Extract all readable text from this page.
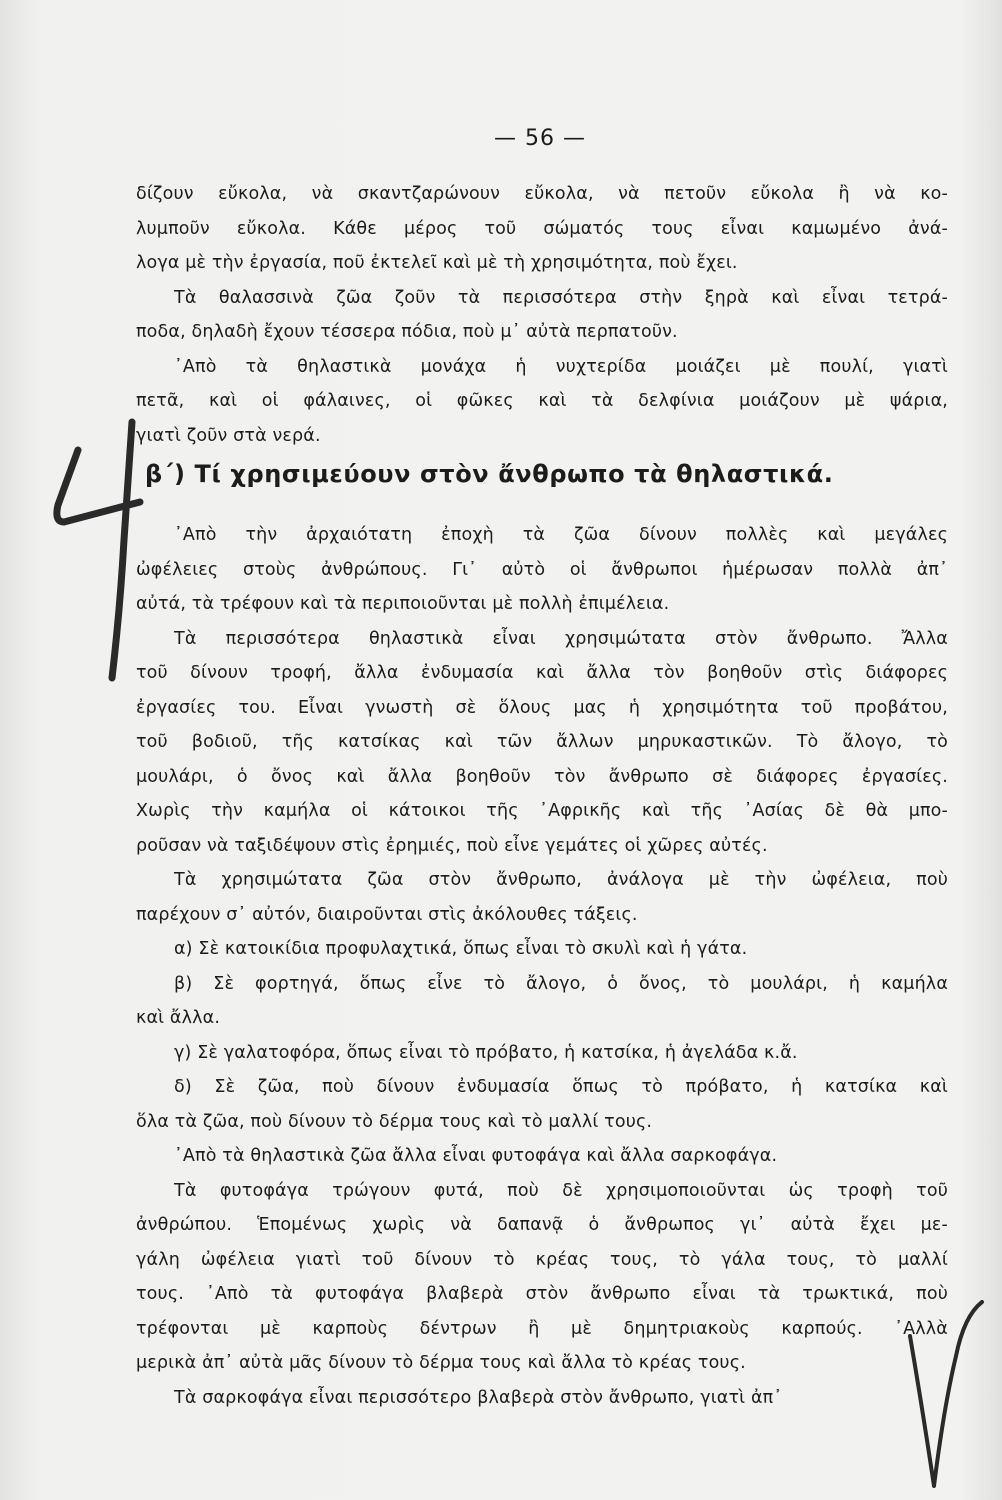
— 56 —
δίζουν εὔκολα, νὰ σκαντζαρώνουν εὔκολα, νὰ πετοῦν εὔκολα ἢ νὰ κο-
λυμποῦν εὔκολα. Κάθε μέρος τοῦ σώματός τους εἶναι καμωμένο ἀνά-
λογα μὲ τὴν ἐργασία, ποῦ ἐκτελεῖ καὶ μὲ τὴ χρησιμότητα, ποὺ ἔχει.
Τὰ θαλασσινὰ ζῶα ζοῦν τὰ περισσότερα στὴν ξηρὰ καὶ εἶναι τετρά-
ποδα, δηλαδὴ ἔχουν τέσσερα πόδια, ποὺ μ᾿ αὐτὰ περπατοῦν.
᾿Απὸ τὰ θηλαστικὰ μονάχα ἡ νυχτερίδα μοιάζει μὲ πουλί, γιατὶ
πετᾶ, καὶ οἱ φάλαινες, οἱ φῶκες καὶ τὰ δελφίνια μοιάζουν μὲ ψάρια,
γιατὶ ζοῦν στὰ νερά.
β΄) Τί χρησιμεύουν στὸν ἄνθρωπο τὰ θηλαστικά.
᾿Απὸ τὴν ἀρχαιότατη ἐποχὴ τὰ ζῶα δίνουν πολλὲς καὶ μεγάλες
ὠφέλειες στοὺς ἀνθρώπους. Γι᾿ αὐτὸ οἱ ἄνθρωποι ἡμέρωσαν πολλὰ ἀπ᾿
αὐτά, τὰ τρέφουν καὶ τὰ περιποιοῦνται μὲ πολλὴ ἐπιμέλεια.
Τὰ περισσότερα θηλαστικὰ εἶναι χρησιμώτατα στὸν ἄνθρωπο. Ἄλλα
τοῦ δίνουν τροφή, ἄλλα ἐνδυμασία καὶ ἄλλα τὸν βοηθοῦν στὶς διάφορες
ἐργασίες του. Εἶναι γνωστὴ σὲ ὅλους μας ἡ χρησιμότητα τοῦ προβάτου,
τοῦ βοδιοῦ, τῆς κατσίκας καὶ τῶν ἄλλων μηρυκαστικῶν. Τὸ ἄλογο, τὸ
μουλάρι, ὁ ὄνος καὶ ἄλλα βοηθοῦν τὸν ἄνθρωπο σὲ διάφορες ἐργασίες.
Χωρὶς τὴν καμήλα οἱ κάτοικοι τῆς ᾿Αφρικῆς καὶ τῆς ᾿Ασίας δὲ θὰ μπο-
ροῦσαν νὰ ταξιδέψουν στὶς ἐρημιές, ποὺ εἶνε γεμάτες οἱ χῶρες αὐτές.
Τὰ χρησιμώτατα ζῶα στὸν ἄνθρωπο, ἀνάλογα μὲ τὴν ὠφέλεια, ποὺ
παρέχουν σ᾿ αὐτόν, διαιροῦνται στὶς ἀκόλουθες τάξεις.
α) Σὲ κατοικίδια προφυλαχτικά, ὅπως εἶναι τὸ σκυλὶ καὶ ἡ γάτα.
β) Σὲ φορτηγά, ὅπως εἶνε τὸ ἄλογο, ὁ ὄνος, τὸ μουλάρι, ἡ καμήλα
καὶ ἄλλα.
γ) Σὲ γαλατοφόρα, ὅπως εἶναι τὸ πρόβατο, ἡ κατσίκα, ἡ ἀγελάδα κ.ἄ.
δ) Σὲ ζῶα, ποὺ δίνουν ἐνδυμασία ὅπως τὸ πρόβατο, ἡ κατσίκα καὶ
ὅλα τὰ ζῶα, ποὺ δίνουν τὸ δέρμα τους καὶ τὸ μαλλί τους.
᾿Απὸ τὰ θηλαστικὰ ζῶα ἄλλα εἶναι φυτοφάγα καὶ ἄλλα σαρκοφάγα.
Τὰ φυτοφάγα τρώγουν φυτά, ποὺ δὲ χρησιμοποιοῦνται ὡς τροφὴ τοῦ
ἀνθρώπου. Ἑπομένως χωρὶς νὰ δαπανᾷ ὁ ἄνθρωπος γι᾿ αὐτὰ ἔχει με-
γάλη ὠφέλεια γιατὶ τοῦ δίνουν τὸ κρέας τους, τὸ γάλα τους, τὸ μαλλί
τους. ᾿Απὸ τὰ φυτοφάγα βλαβερὰ στὸν ἄνθρωπο εἶναι τὰ τρωκτικά, ποὺ
τρέφονται μὲ καρποὺς δέντρων ἢ μὲ δημητριακοὺς καρπούς. ᾿Αλλὰ
μερικὰ ἀπ᾿ αὐτὰ μᾶς δίνουν τὸ δέρμα τους καὶ ἄλλα τὸ κρέας τους.
Τὰ σαρκοφάγα εἶναι περισσότερο βλαβερὰ στὸν ἄνθρωπο, γιατὶ ἀπ᾿
